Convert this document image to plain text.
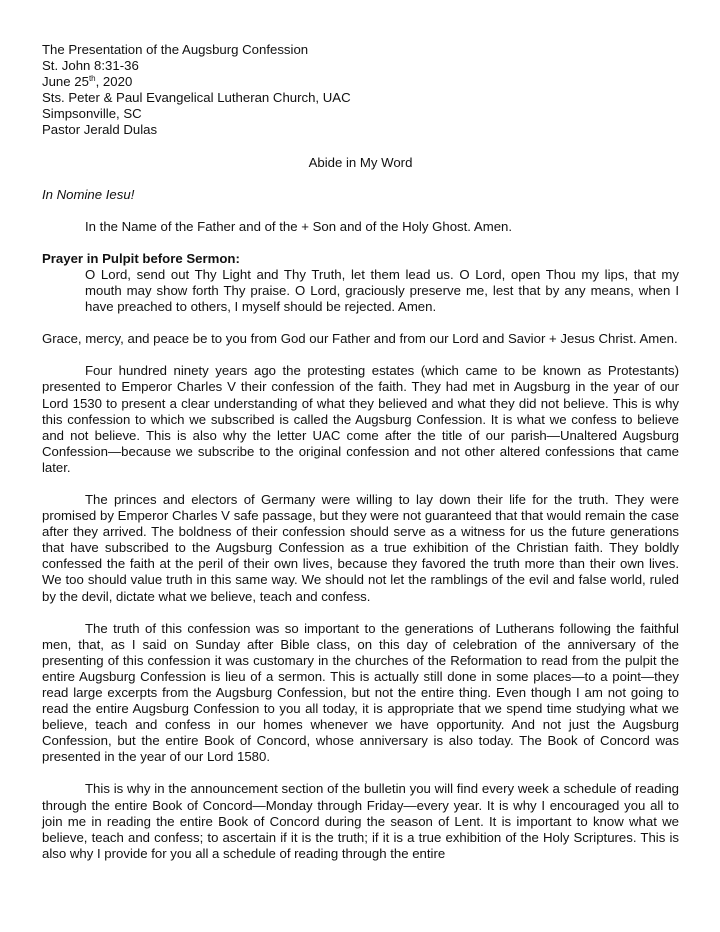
The Presentation of the Augsburg Confession
St. John 8:31-36
June 25th, 2020
Sts. Peter & Paul Evangelical Lutheran Church, UAC
Simpsonville, SC
Pastor Jerald Dulas
Abide in My Word
In Nomine Iesu!
In the Name of the Father and of the + Son and of the Holy Ghost. Amen.
Prayer in Pulpit before Sermon:
O Lord, send out Thy Light and Thy Truth, let them lead us. O Lord, open Thou my lips, that my mouth may show forth Thy praise. O Lord, graciously preserve me, lest that by any means, when I have preached to others, I myself should be rejected. Amen.
Grace, mercy, and peace be to you from God our Father and from our Lord and Savior + Jesus Christ. Amen.
Four hundred ninety years ago the protesting estates (which came to be known as Protestants) presented to Emperor Charles V their confession of the faith. They had met in Augsburg in the year of our Lord 1530 to present a clear understanding of what they believed and what they did not believe. This is why this confession to which we subscribed is called the Augsburg Confession. It is what we confess to believe and not believe. This is also why the letter UAC come after the title of our parish—Unaltered Augsburg Confession—because we subscribe to the original confession and not other altered confessions that came later.
The princes and electors of Germany were willing to lay down their life for the truth. They were promised by Emperor Charles V safe passage, but they were not guaranteed that that would remain the case after they arrived. The boldness of their confession should serve as a witness for us the future generations that have subscribed to the Augsburg Confession as a true exhibition of the Christian faith. They boldly confessed the faith at the peril of their own lives, because they favored the truth more than their own lives. We too should value truth in this same way. We should not let the ramblings of the evil and false world, ruled by the devil, dictate what we believe, teach and confess.
The truth of this confession was so important to the generations of Lutherans following the faithful men, that, as I said on Sunday after Bible class, on this day of celebration of the anniversary of the presenting of this confession it was customary in the churches of the Reformation to read from the pulpit the entire Augsburg Confession is lieu of a sermon. This is actually still done in some places—to a point—they read large excerpts from the Augsburg Confession, but not the entire thing. Even though I am not going to read the entire Augsburg Confession to you all today, it is appropriate that we spend time studying what we believe, teach and confess in our homes whenever we have opportunity. And not just the Augsburg Confession, but the entire Book of Concord, whose anniversary is also today. The Book of Concord was presented in the year of our Lord 1580.
This is why in the announcement section of the bulletin you will find every week a schedule of reading through the entire Book of Concord—Monday through Friday—every year. It is why I encouraged you all to join me in reading the entire Book of Concord during the season of Lent. It is important to know what we believe, teach and confess; to ascertain if it is the truth; if it is a true exhibition of the Holy Scriptures. This is also why I provide for you all a schedule of reading through the entire
